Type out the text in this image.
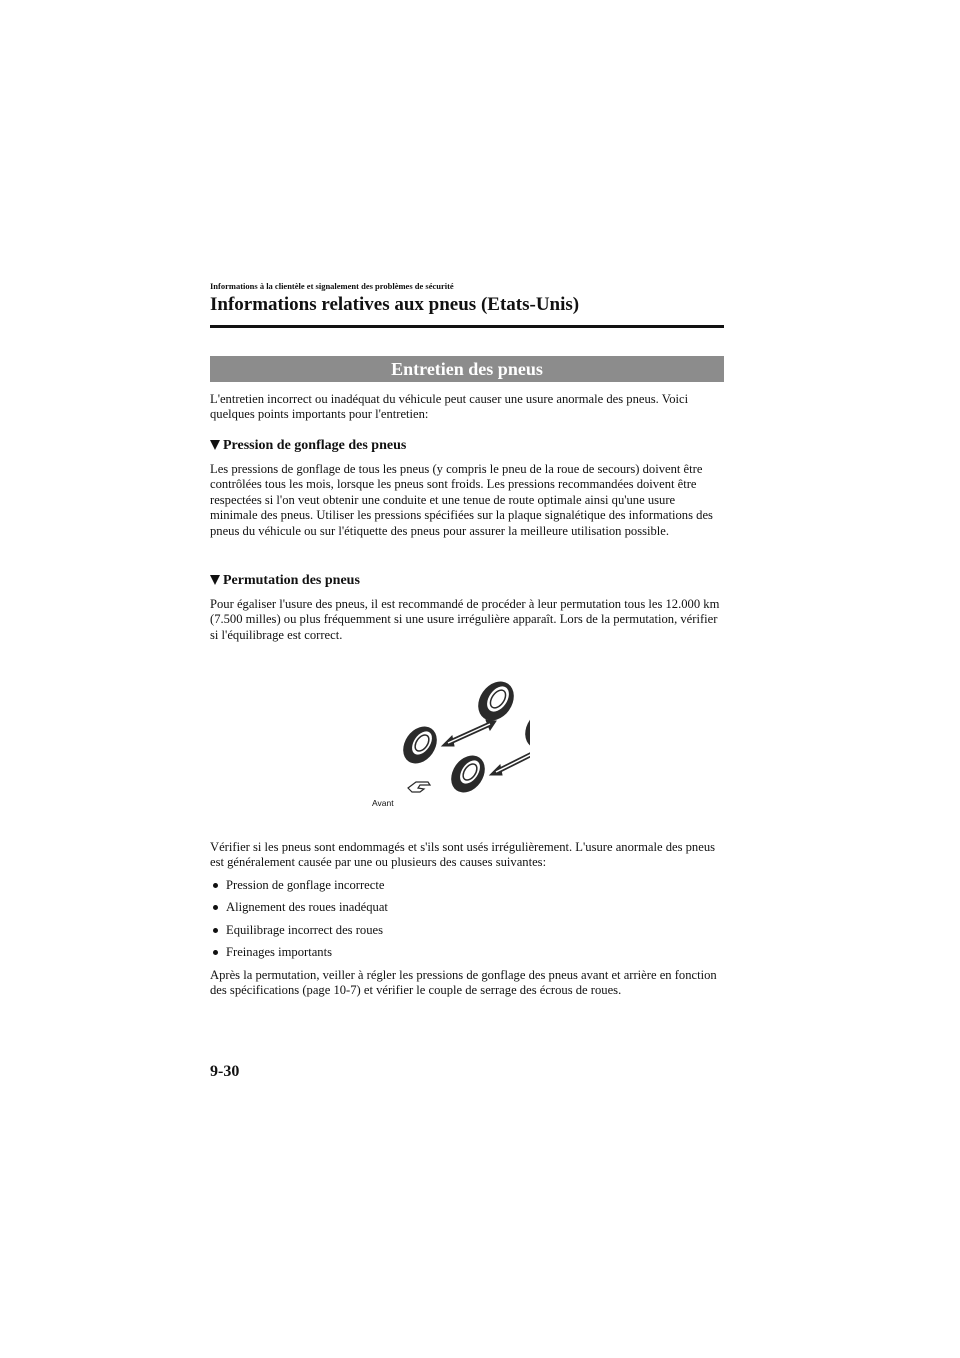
Informations à la clientèle et signalement des problèmes de sécurité
Informations relatives aux pneus (Etats-Unis)
Entretien des pneus

L'entretien incorrect ou inadéquat du véhicule peut causer une usure anormale des pneus. Voici quelques points importants pour l'entretien:

Pression de gonflage des pneus

Les pressions de gonflage de tous les pneus (y compris le pneu de la roue de secours) doivent être contrôlées tous les mois, lorsque les pneus sont froids. Les pressions recommandées doivent être respectées si l'on veut obtenir une conduite et une tenue de route optimale ainsi qu'une usure minimale des pneus. Utiliser les pressions spécifiées sur la plaque signalétique des informations des pneus du véhicule ou sur l'étiquette des pneus pour assurer la meilleure utilisation possible.

Permutation des pneus

Pour égaliser l'usure des pneus, il est recommandé de procéder à leur permutation tous les 12.000 km (7.500 milles) ou plus fréquemment si une usure irrégulière apparaît. Lors de la permutation, vérifier si l'équilibrage est correct.

Avant

Vérifier si les pneus sont endommagés et s'ils sont usés irrégulièrement. L'usure anormale des pneus est généralement causée par une ou plusieurs des causes suivantes:

Pression de gonflage incorrecte
Alignement des roues inadéquat
Equilibrage incorrect des roues
Freinages importants

Après la permutation, veiller à régler les pressions de gonflage des pneus avant et arrière en fonction des spécifications (page 10-7) et vérifier le couple de serrage des écrous de roues.

9-30
